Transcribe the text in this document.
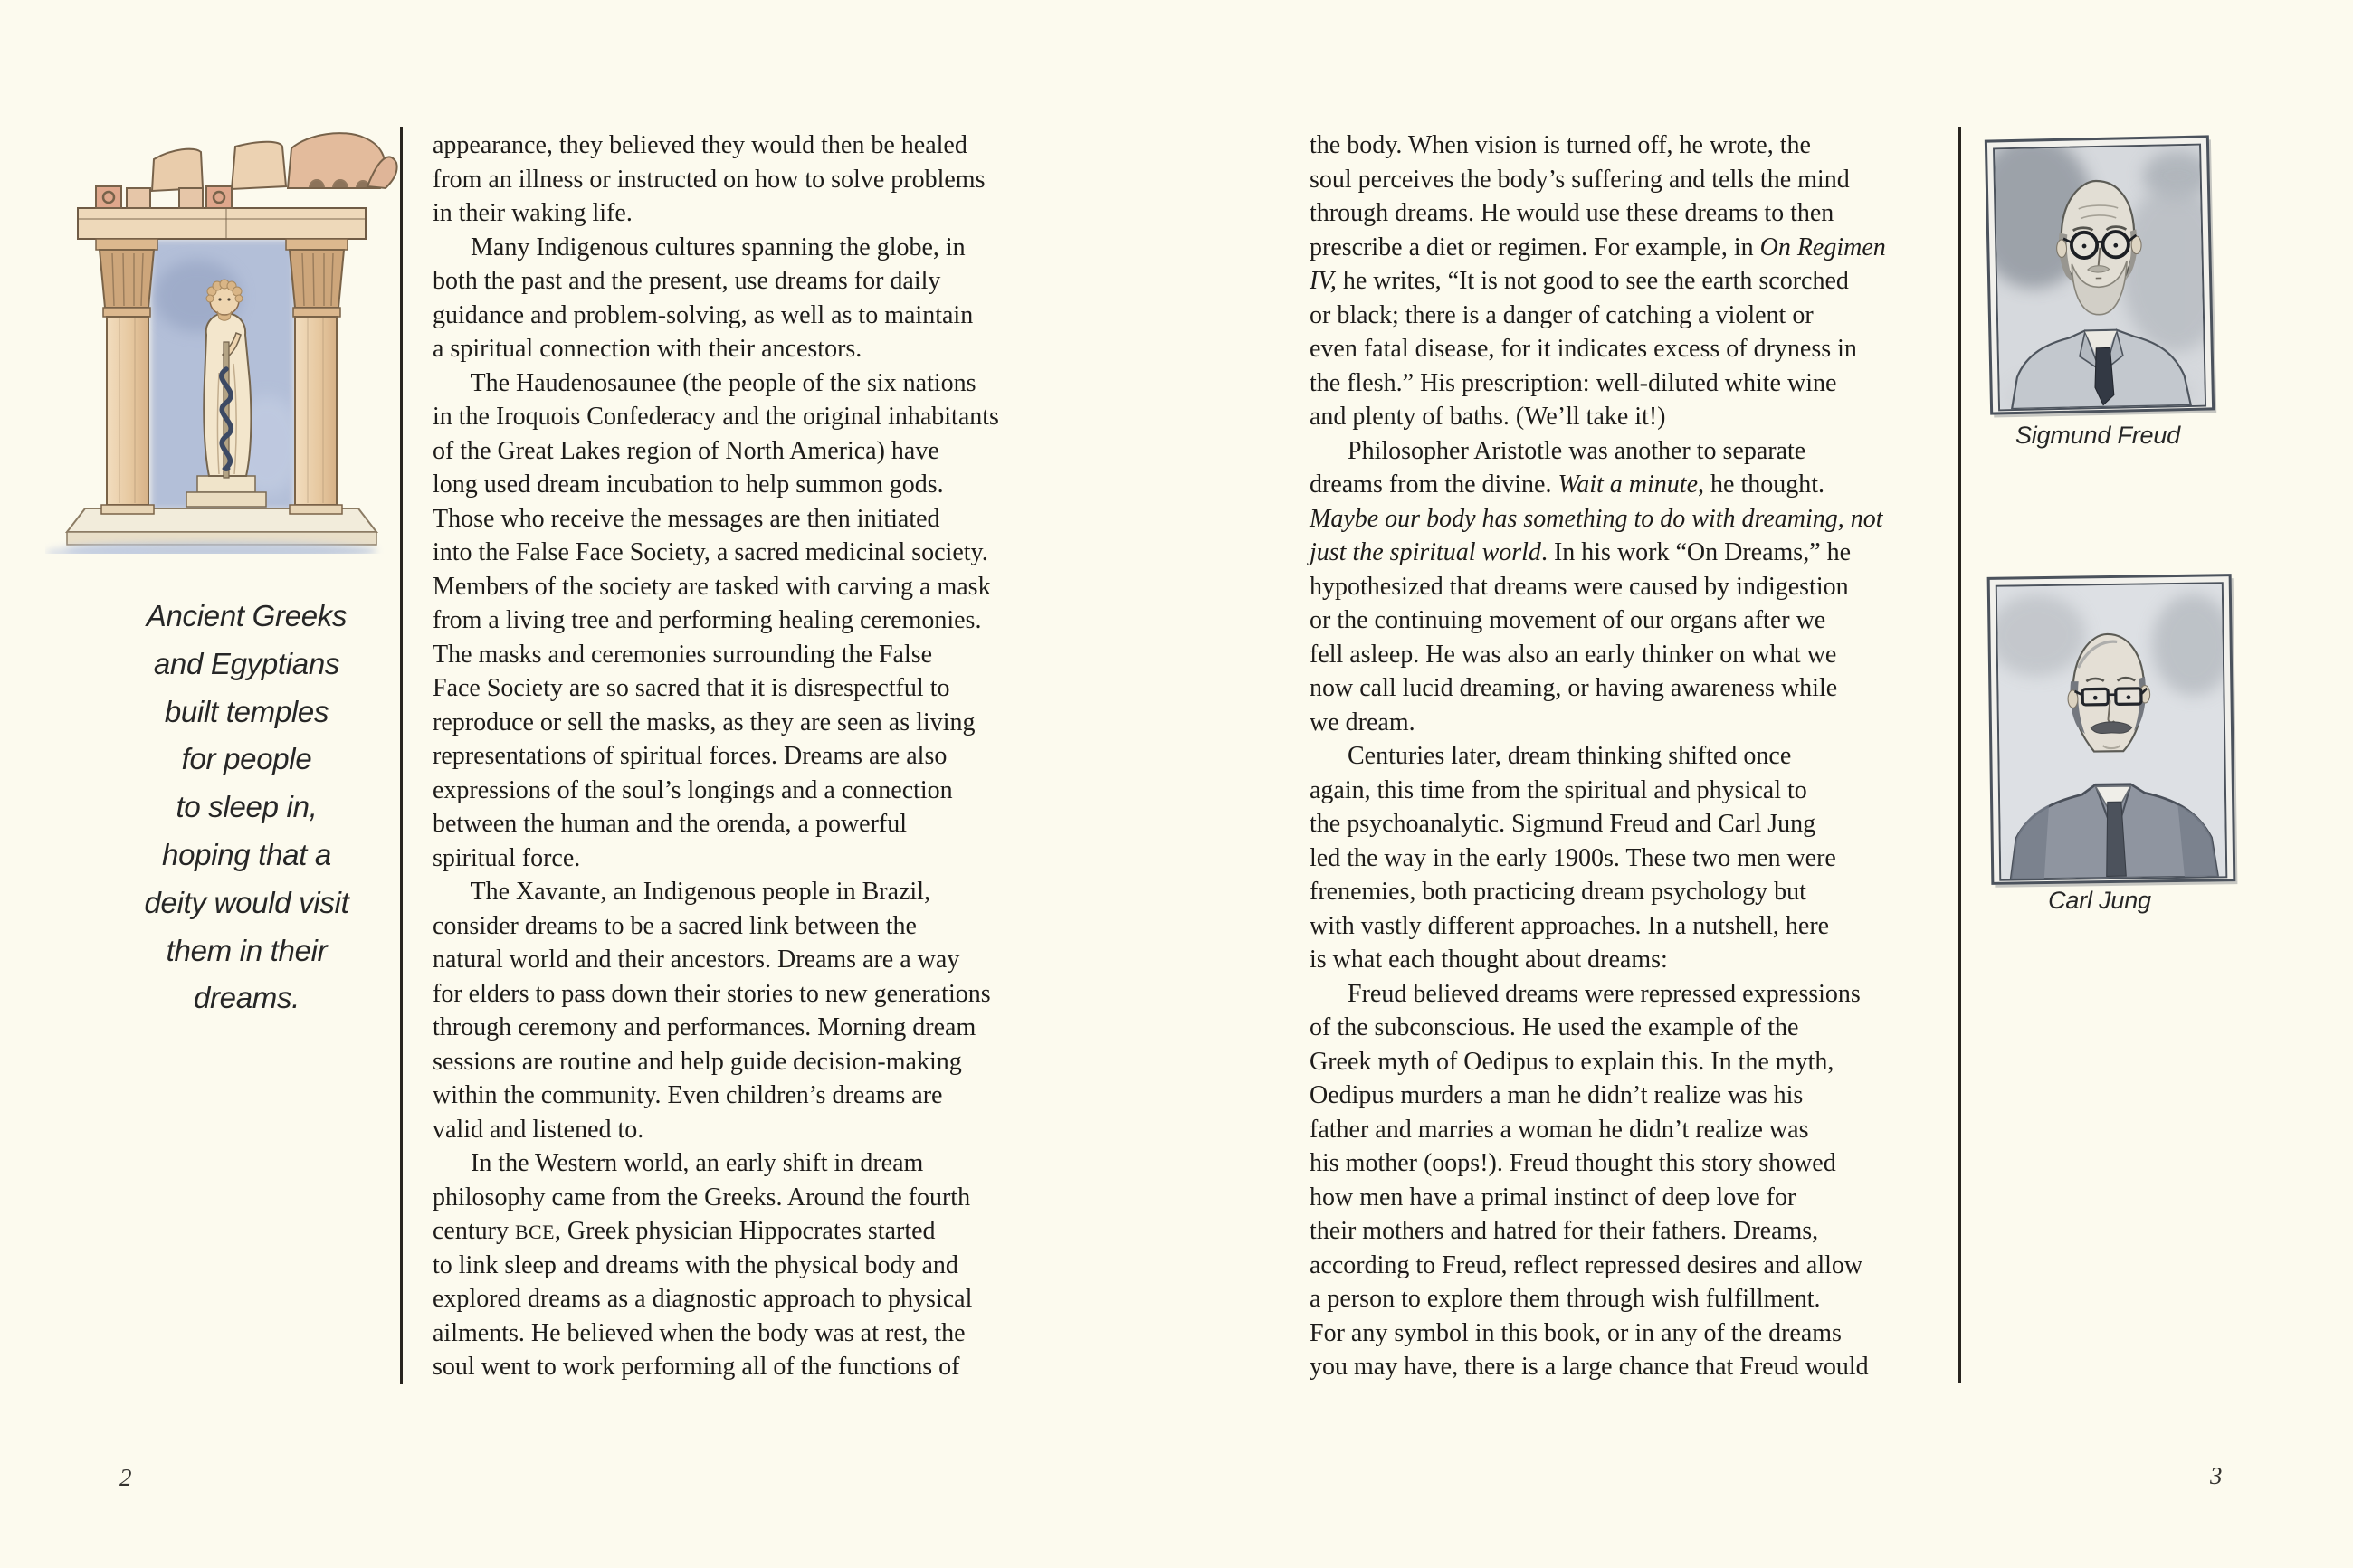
Ancient Greeks
and Egyptians
built temples
for people
to sleep in,
hoping that a
deity would visit
them in their
dreams.
appearance, they believed they would then be healed
from an illness or instructed on how to solve problems
in their waking life.
Many Indigenous cultures spanning the globe, in
both the past and the present, use dreams for daily
guidance and problem-solving, as well as to maintain
a spiritual connection with their ancestors.
The Haudenosaunee (the people of the six nations
in the Iroquois Confederacy and the original inhabitants
of the Great Lakes region of North America) have
long used dream incubation to help summon gods.
Those who receive the messages are then initiated
into the False Face Society, a sacred medicinal society.
Members of the society are tasked with carving a mask
from a living tree and performing healing ceremonies.
The masks and ceremonies surrounding the False
Face Society are so sacred that it is disrespectful to
reproduce or sell the masks, as they are seen as living
representations of spiritual forces. Dreams are also
expressions of the soul’s longings and a connection
between the human and the orenda, a powerful
spiritual force.
The Xavante, an Indigenous people in Brazil,
consider dreams to be a sacred link between the
natural world and their ancestors. Dreams are a way
for elders to pass down their stories to new generations
through ceremony and performances. Morning dream
sessions are routine and help guide decision-making
within the community. Even children’s dreams are
valid and listened to.
In the Western world, an early shift in dream
philosophy came from the Greeks. Around the fourth
century BCE, Greek physician Hippocrates started
to link sleep and dreams with the physical body and
explored dreams as a diagnostic approach to physical
ailments. He believed when the body was at rest, the
soul went to work performing all of the functions of
2
the body. When vision is turned off, he wrote, the
soul perceives the body’s suffering and tells the mind
through dreams. He would use these dreams to then
prescribe a diet or regimen. For example, in On Regimen
IV, he writes, “It is not good to see the earth scorched
or black; there is a danger of catching a violent or
even fatal disease, for it indicates excess of dryness in
the flesh.” His prescription: well-diluted white wine
and plenty of baths. (We’ll take it!)
Philosopher Aristotle was another to separate
dreams from the divine. Wait a minute, he thought.
Maybe our body has something to do with dreaming, not
just the spiritual world. In his work “On Dreams,” he
hypothesized that dreams were caused by indigestion
or the continuing movement of our organs after we
fell asleep. He was also an early thinker on what we
now call lucid dreaming, or having awareness while
we dream.
Centuries later, dream thinking shifted once
again, this time from the spiritual and physical to
the psychoanalytic. Sigmund Freud and Carl Jung
led the way in the early 1900s. These two men were
frenemies, both practicing dream psychology but
with vastly different approaches. In a nutshell, here
is what each thought about dreams:
Freud believed dreams were repressed expressions
of the subconscious. He used the example of the
Greek myth of Oedipus to explain this. In the myth,
Oedipus murders a man he didn’t realize was his
father and marries a woman he didn’t realize was
his mother (oops!). Freud thought this story showed
how men have a primal instinct of deep love for
their mothers and hatred for their fathers. Dreams,
according to Freud, reflect repressed desires and allow
a person to explore them through wish fulfillment.
For any symbol in this book, or in any of the dreams
you may have, there is a large chance that Freud would
Sigmund Freud
Carl Jung
3
